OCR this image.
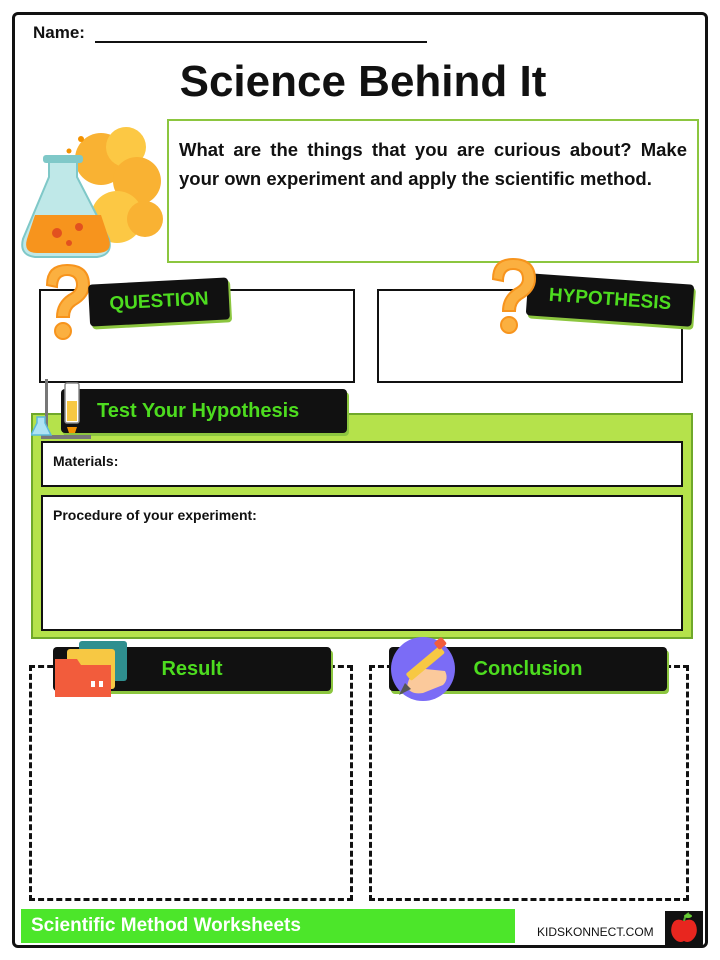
Name:
Science Behind It
What are the things that you are curious about? Make your own experiment and apply the scientific method.
QUESTION	HYPOTHESIS
Materials:
Procedure of your experiment:
Test Your Hypothesis
Result	Conclusion
Scientific Method Worksheets	KIDSKONNECT.COM
